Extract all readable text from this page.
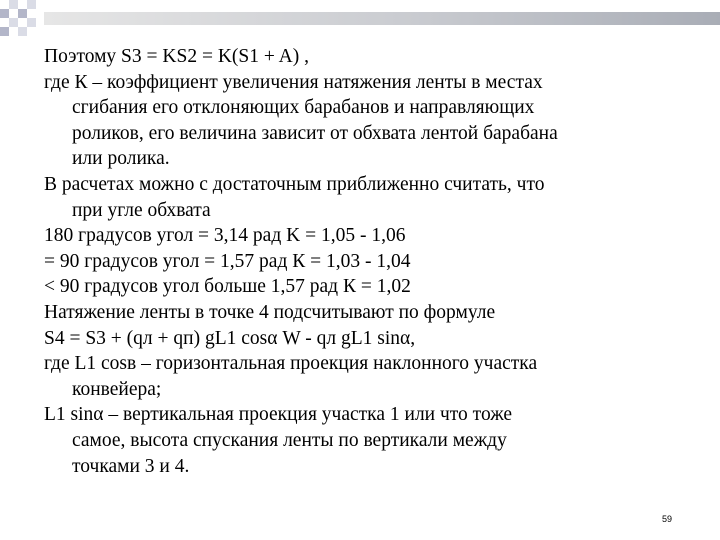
Поэтому S3 = KS2 = K(S1 + A) ,

где К – коэффициент увеличения натяжения ленты в местах

сгибания его отклоняющих барабанов и направляющих

роликов, его величина зависит от обхвата лентой барабана

или ролика.

В расчетах можно с достаточным приближенно считать, что

при угле обхвата

180 градусов угол = 3,14 рад K = 1,05 - 1,06

= 90 градусов угол = 1,57 рад К = 1,03 - 1,04

< 90 градусов угол больше 1,57 рад К = 1,02

Натяжение ленты в точке 4 подсчитывают по формуле

S4 = S3 + (qл + qп) gL1 cosα W - qл gL1 sinα,

где L1 cosв – горизонтальная проекция наклонного участка

конвейера;

L1 sinα – вертикальная проекция участка 1 или что тоже

самое, высота спускания ленты по вертикали между

точками 3 и 4.

59
